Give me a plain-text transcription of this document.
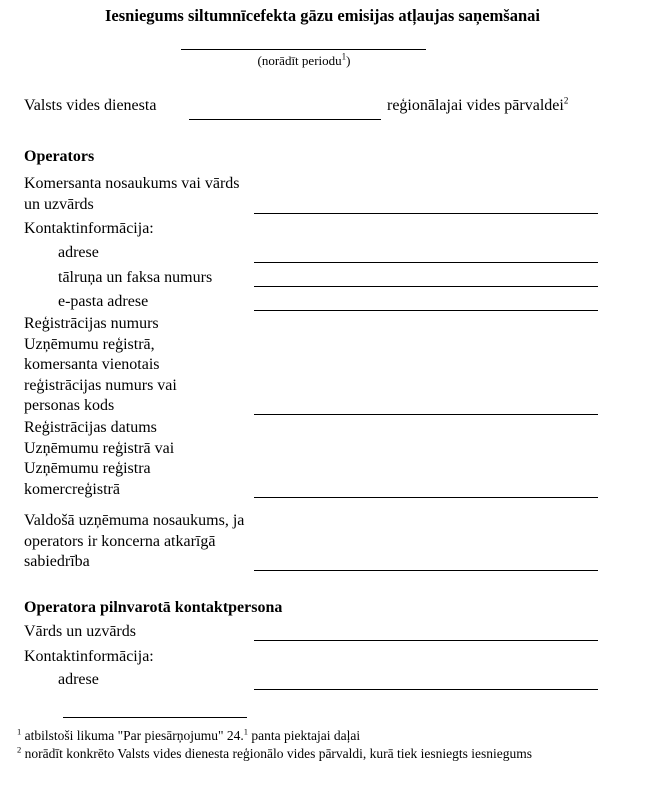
Iesniegums siltumnīcefekta gāzu emisijas atļaujas saņemšanai
(norādīt periodu$^1$)
Valsts vides dienesta	reģionālajai vides pārvaldei$^2$
Operators
Komersanta nosaukums vai vārds un uzvārds
Kontaktinformācija:
adrese
tālruņa un faksa numurs
e-pasta adrese
Reģistrācijas numurs Uzņēmumu reģistrā, komersanta vienotais reģistrācijas numurs vai personas kods
Reģistrācijas datums Uzņēmumu reģistrā vai Uzņēmumu reģistra komercreģistrā
Valdošā uzņēmuma nosaukums, ja operators ir koncerna atkarīgā sabiedrība
Operatora pilnvarotā kontaktpersona
Vārds un uzvārds
Kontaktinformācija:
adrese
$^1$ atbilstoši likuma "Par piesārņojumu" 24.$^1$ panta piektajai daļai
$^2$ norādīt konkrēto Valsts vides dienesta reģionālo vides pārvaldi, kurā tiek iesniegts iesniegums
